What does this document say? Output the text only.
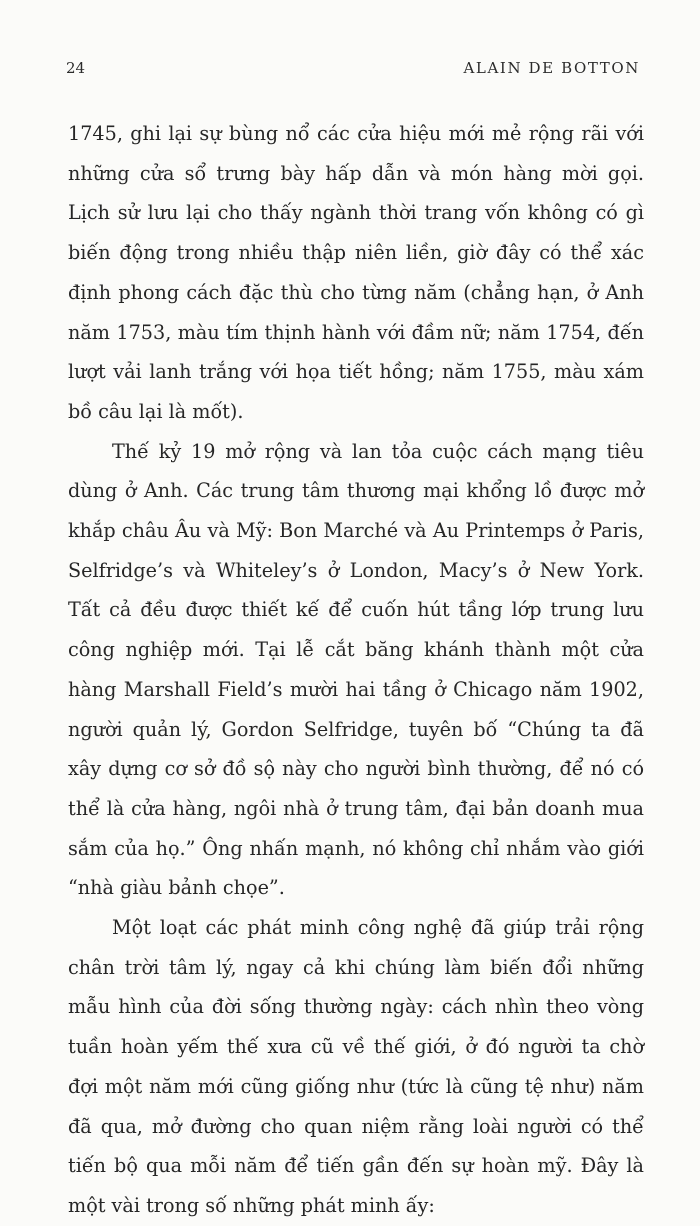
24	ALAIN DE BOTTON

1745, ghi lại sự bùng nổ các cửa hiệu mới mẻ rộng rãi với những cửa sổ trưng bày hấp dẫn và món hàng mời gọi. Lịch sử lưu lại cho thấy ngành thời trang vốn không có gì biến động trong nhiều thập niên liền, giờ đây có thể xác định phong cách đặc thù cho từng năm (chẳng hạn, ở Anh năm 1753, màu tím thịnh hành với đầm nữ; năm 1754, đến lượt vải lanh trắng với họa tiết hồng; năm 1755, màu xám bồ câu lại là mốt).

Thế kỷ 19 mở rộng và lan tỏa cuộc cách mạng tiêu dùng ở Anh. Các trung tâm thương mại khổng lồ được mở khắp châu Âu và Mỹ: Bon Marché và Au Printemps ở Paris, Selfridge’s và Whiteley’s ở London, Macy’s ở New York. Tất cả đều được thiết kế để cuốn hút tầng lớp trung lưu công nghiệp mới. Tại lễ cắt băng khánh thành một cửa hàng Marshall Field’s mười hai tầng ở Chicago năm 1902, người quản lý, Gordon Selfridge, tuyên bố “Chúng ta đã xây dựng cơ sở đồ sộ này cho người bình thường, để nó có thể là cửa hàng, ngôi nhà ở trung tâm, đại bản doanh mua sắm của họ.” Ông nhấn mạnh, nó không chỉ nhắm vào giới “nhà giàu bảnh chọe”.

Một loạt các phát minh công nghệ đã giúp trải rộng chân trời tâm lý, ngay cả khi chúng làm biến đổi những mẫu hình của đời sống thường ngày: cách nhìn theo vòng tuần hoàn yếm thế xưa cũ về thế giới, ở đó người ta chờ đợi một năm mới cũng giống như (tức là cũng tệ như) năm đã qua, mở đường cho quan niệm rằng loài người có thể tiến bộ qua mỗi năm để tiến gần đến sự hoàn mỹ. Đây là một vài trong số những phát minh ấy:
